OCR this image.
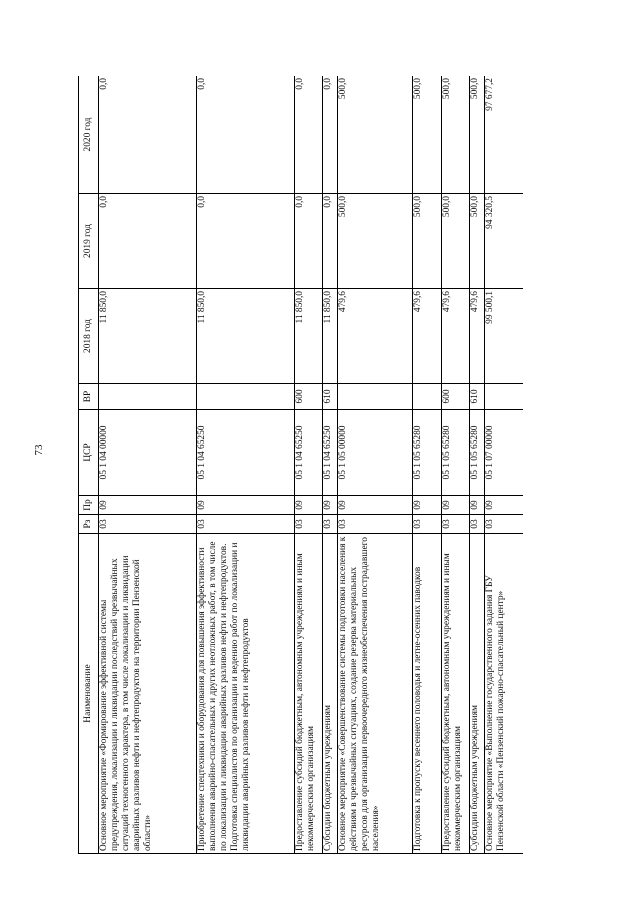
73
Наименование	Рз	Пр	ЦСР	ВР	2018 год	2019 год	2020 год
Основное мероприятие «Формирование эффективной системы предупреждения, локализации и ликвидации последствий чрезвычайных ситуаций техногенного характера, в том числе локализации и ликвидации аварийных разливов нефти и нефтепродуктов на территории Пензенской области»	03	09	05 1 04 00000		11 850,0	0,0	0,0
Приобретение спецтехники и оборудования для повышения эффективности выполнения аварийно-спасательных и других неотложных работ, в том числе по локализации и ликвидации аварийных разливов нефти и нефтепродуктов. Подготовка специалистов по организации и ведению работ по локализации и ликвидации аварийных разливов нефти и нефтепродуктов	03	09	05 1 04 65250		11 850,0	0,0	0,0
Предоставление субсидий бюджетным, автономным учреждениям и иным некоммерческим организациям	03	09	05 1 04 65250	600	11 850,0	0,0	0,0
Субсидии бюджетным учреждениям	03	09	05 1 04 65250	610	11 850,0	0,0	0,0
Основное мероприятие «Совершенствование системы подготовки населения к действиям в чрезвычайных ситуациях, создание резерва материальных ресурсов для организации первоочередного жизнеобеспечения пострадавшего населения»	03	09	05 1 05 00000		479,6	500,0	500,0
Подготовка к пропуску весеннего половодья и летне-осенних паводков	03	09	05 1 05 65280		479,6	500,0	500,0
Предоставление субсидий бюджетным, автономным учреждениям и иным некоммерческим организациям	03	09	05 1 05 65280	600	479,6	500,0	500,0
Субсидии бюджетным учреждениям	03	09	05 1 05 65280	610	479,6	500,0	500,0
Основное мероприятие «Выполнение государственного задания ГБУ Пензенской области «Пензенский пожарно-спасательный центр»	03	09	05 1 07 00000		99 500,1	94 320,5	97 677,2
